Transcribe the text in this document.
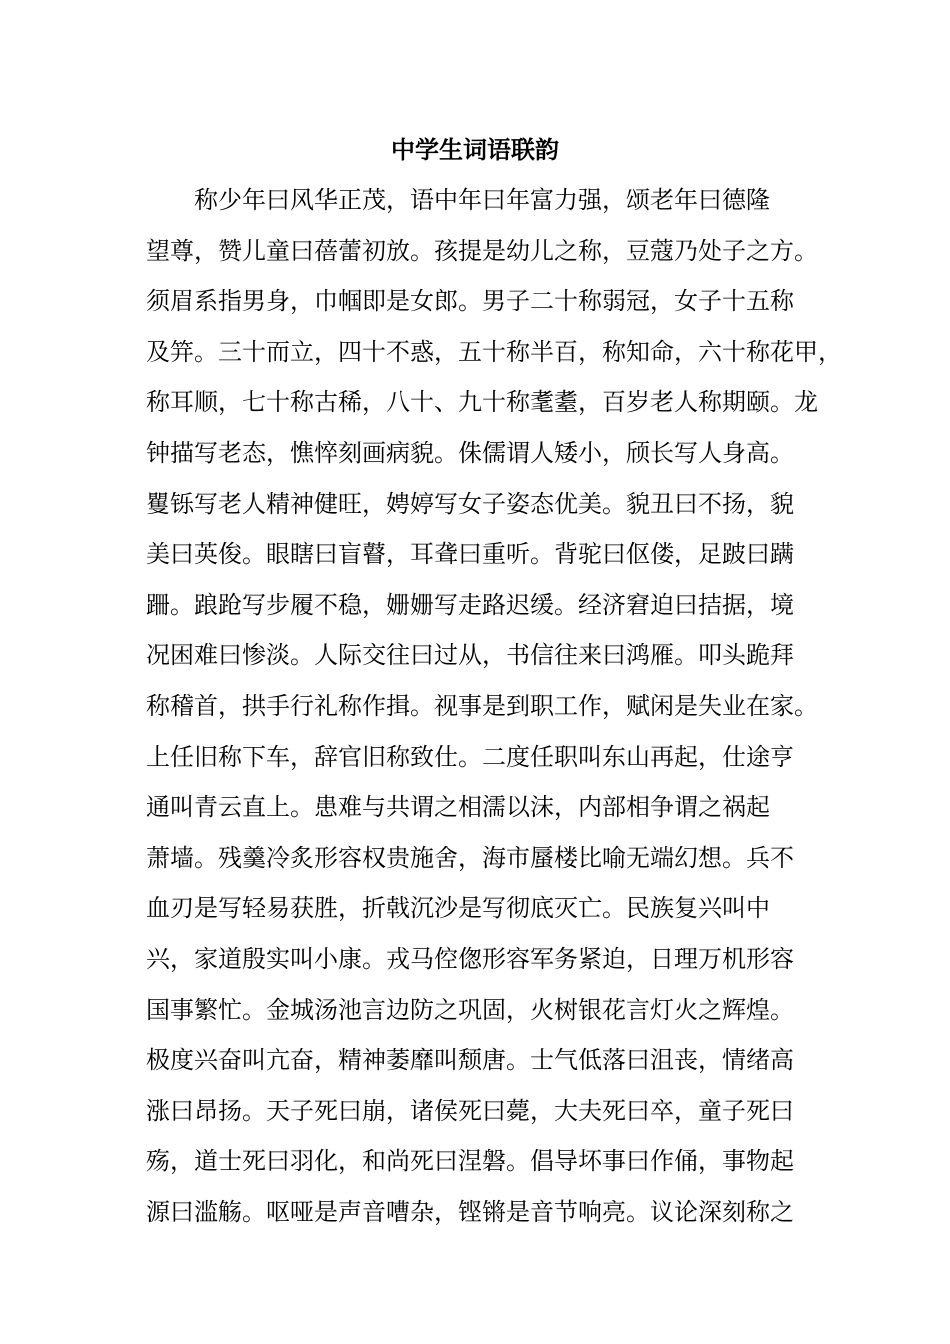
中学生词语联韵
　　称少年曰风华正茂，语中年曰年富力强，颂老年曰德隆
望尊，赞儿童曰蓓蕾初放。孩提是幼儿之称，豆蔻乃处子之方。
须眉系指男身，巾帼即是女郎。男子二十称弱冠，女子十五称
及笄。三十而立，四十不惑，五十称半百，称知命，六十称花甲，
称耳顺，七十称古稀，八十、九十称耄耋，百岁老人称期颐。龙
钟描写老态，憔悴刻画病貌。侏儒谓人矮小，颀长写人身高。
矍铄写老人精神健旺，娉婷写女子姿态优美。貌丑曰不扬，貌
美曰英俊。眼瞎曰盲瞽，耳聋曰重听。背驼曰伛偻，足跛曰蹒
跚。踉跄写步履不稳，姗姗写走路迟缓。经济窘迫曰拮据，境
况困难曰惨淡。人际交往曰过从，书信往来曰鸿雁。叩头跪拜
称稽首，拱手行礼称作揖。视事是到职工作，赋闲是失业在家。
上任旧称下车，辞官旧称致仕。二度任职叫东山再起，仕途亨
通叫青云直上。患难与共谓之相濡以沫，内部相争谓之祸起
萧墙。残羹冷炙形容权贵施舍，海市蜃楼比喻无端幻想。兵不
血刃是写轻易获胜，折戟沉沙是写彻底灭亡。民族复兴叫中
兴，家道殷实叫小康。戎马倥偬形容军务紧迫，日理万机形容
国事繁忙。金城汤池言边防之巩固，火树银花言灯火之辉煌。
极度兴奋叫亢奋，精神萎靡叫颓唐。士气低落曰沮丧，情绪高
涨曰昂扬。天子死曰崩，诸侯死曰薨，大夫死曰卒，童子死曰
殇，道士死曰羽化，和尚死曰涅磐。倡导坏事曰作俑，事物起
源曰滥觞。呕哑是声音嘈杂，铿锵是音节响亮。议论深刻称之
